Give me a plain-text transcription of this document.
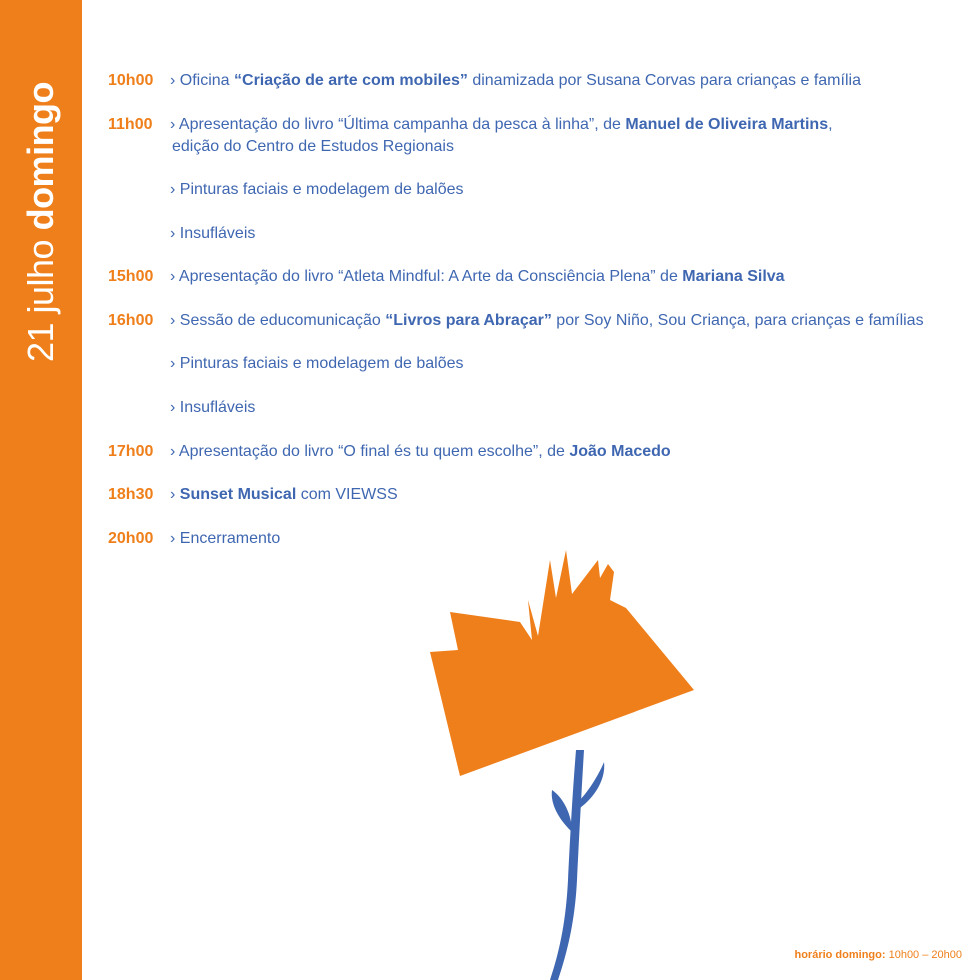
21 julho domingo
10h00 › Oficina “Criação de arte com mobiles” dinamizada por Susana Corvas para crianças e família
11h00 › Apresentação do livro “Última campanha da pesca à linha”, de Manuel de Oliveira Martins,
edição do Centro de Estudos Regionais
› Pinturas faciais e modelagem de balões
› Insufláveis
15h00 › Apresentação do livro “Atleta Mindful: A Arte da Consciência Plena” de Mariana Silva
16h00 › Sessão de educomunicação “Livros para Abraçar” por Soy Niño, Sou Criança, para crianças e famílias
› Pinturas faciais e modelagem de balões
› Insufláveis
17h00 › Apresentação do livro “O final és tu quem escolhe”, de João Macedo
18h30 › Sunset Musical com VIEWSS
20h00 › Encerramento
horário domingo: 10h00 – 20h00
